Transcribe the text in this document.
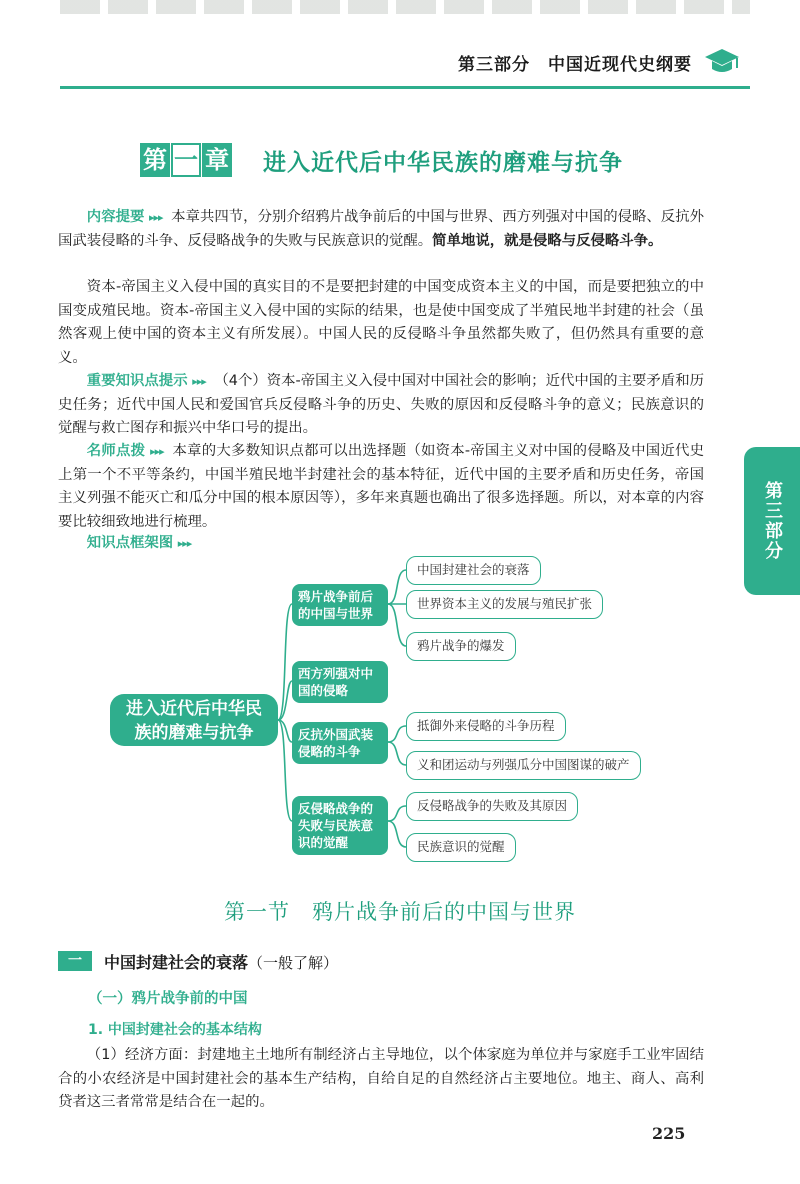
第三部分　中国近现代史纲要
第三部分
第 一 章 进入近代后中华民族的磨难与抗争
内容提要 ▸▸▸ 本章共四节，分别介绍鸦片战争前后的中国与世界、西方列强对中国的侵略、反抗外国武装侵略的斗争、反侵略战争的失败与民族意识的觉醒。简单地说，就是侵略与反侵略斗争。
资本-帝国主义入侵中国的真实目的不是要把封建的中国变成资本主义的中国，而是要把独立的中国变成殖民地。资本-帝国主义入侵中国的实际的结果，也是使中国变成了半殖民地半封建的社会（虽然客观上使中国的资本主义有所发展）。中国人民的反侵略斗争虽然都失败了，但仍然具有重要的意义。
重要知识点提示 ▸▸▸ （4个）资本-帝国主义入侵中国对中国社会的影响；近代中国的主要矛盾和历史任务；近代中国人民和爱国官兵反侵略斗争的历史、失败的原因和反侵略斗争的意义；民族意识的觉醒与救亡图存和振兴中华口号的提出。
名师点拨 ▸▸▸ 本章的大多数知识点都可以出选择题（如资本-帝国主义对中国的侵略及中国近代史上第一个不平等条约，中国半殖民地半封建社会的基本特征，近代中国的主要矛盾和历史任务，帝国主义列强不能灭亡和瓜分中国的根本原因等），多年来真题也确出了很多选择题。所以，对本章的内容要比较细致地进行梳理。
知识点框架图 ▸▸▸
进入近代后中华民族的磨难与抗争
鸦片战争前后的中国与世界
西方列强对中国的侵略
反抗外国武装侵略的斗争
反侵略战争的失败与民族意识的觉醒
中国封建社会的衰落
世界资本主义的发展与殖民扩张
鸦片战争的爆发
抵御外来侵略的斗争历程
义和团运动与列强瓜分中国图谋的破产
反侵略战争的失败及其原因
民族意识的觉醒
第一节　鸦片战争前后的中国与世界
一	中国封建社会的衰落（一般了解）
（一）鸦片战争前的中国
1. 中国封建社会的基本结构
（1）经济方面：封建地主土地所有制经济占主导地位，以个体家庭为单位并与家庭手工业牢固结合的小农经济是中国封建社会的基本生产结构，自给自足的自然经济占主要地位。地主、商人、高利贷者这三者常常是结合在一起的。
225
